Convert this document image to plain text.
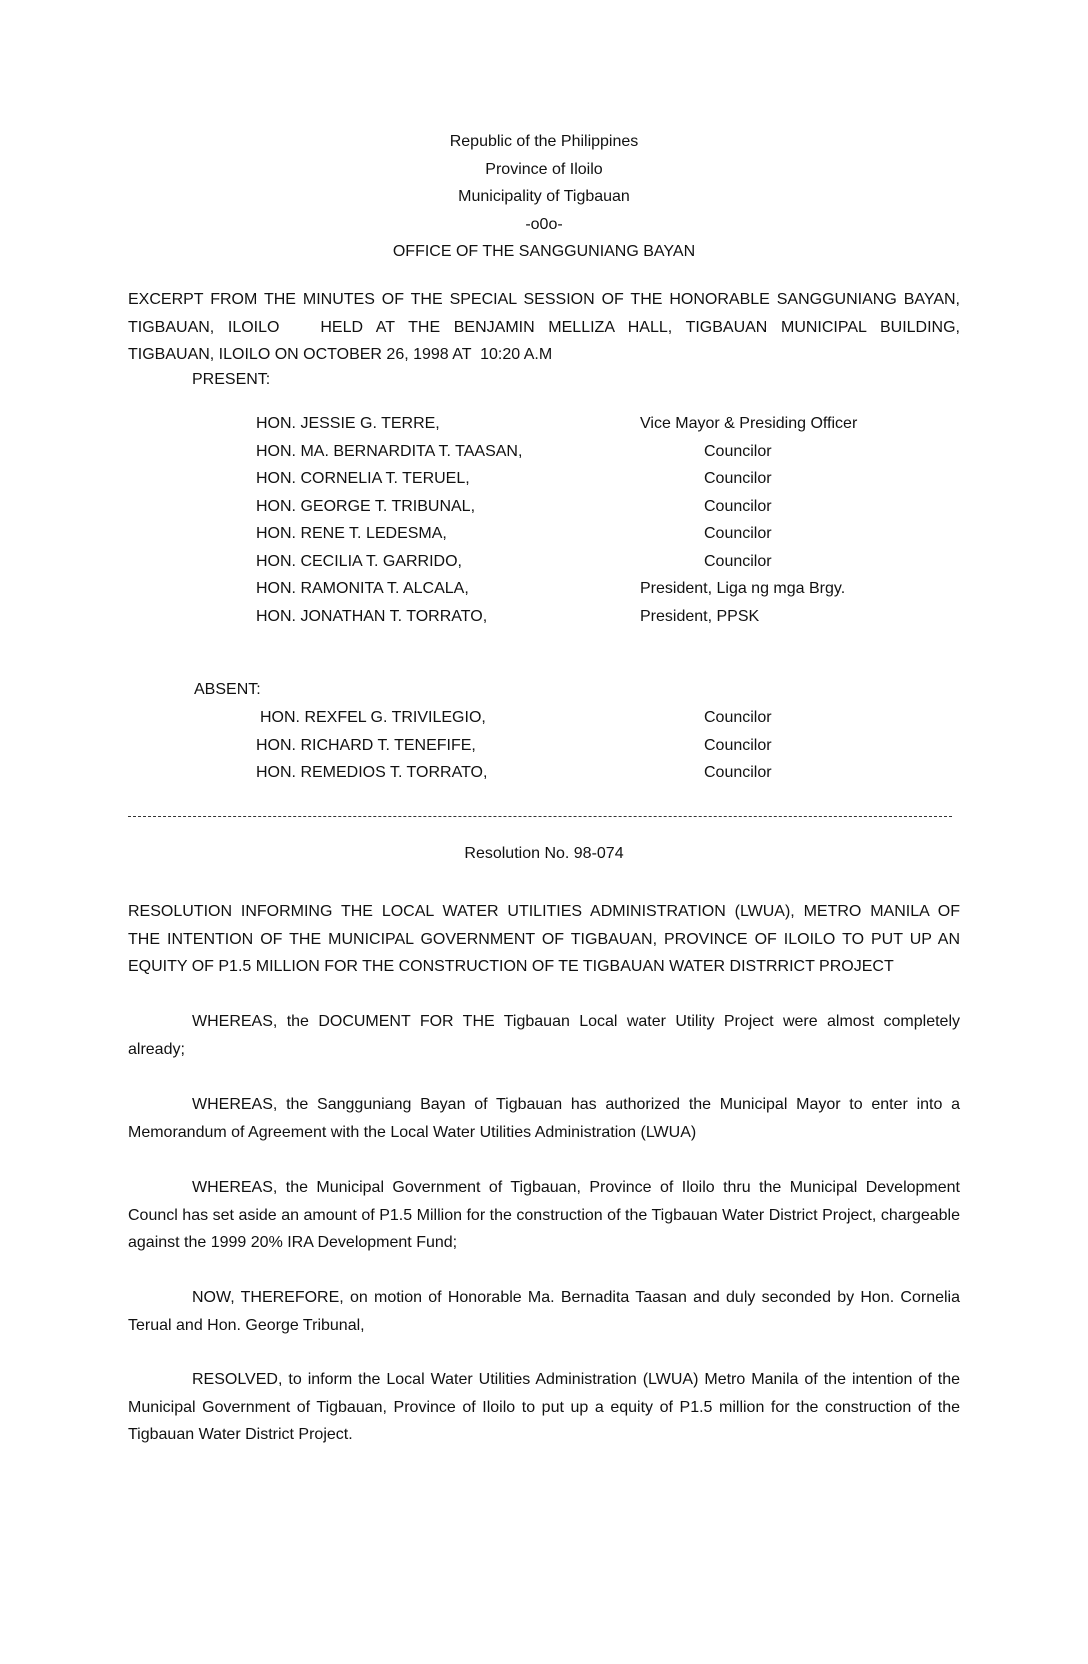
Republic of the Philippines
Province of Iloilo
Municipality of Tigbauan
-o0o-
OFFICE OF THE SANGGUNIANG BAYAN
EXCERPT FROM THE MINUTES OF THE SPECIAL SESSION OF THE HONORABLE SANGGUNIANG BAYAN,
TIGBAUAN, ILOILO   HELD AT THE BENJAMIN MELLIZA HALL, TIGBAUAN MUNICIPAL BUILDING,
TIGBAUAN, ILOILO ON OCTOBER 26, 1998 AT  10:20 A.M
PRESENT:
HON. JESSIE G. TERRE,	Vice Mayor & Presiding Officer
HON. MA. BERNARDITA T. TAASAN,	Councilor
HON. CORNELIA T. TERUEL,	Councilor
HON. GEORGE T. TRIBUNAL,	Councilor
HON. RENE T. LEDESMA,	Councilor
HON. CECILIA T. GARRIDO,	Councilor
HON. RAMONITA T. ALCALA,	President, Liga ng mga Brgy.
HON. JONATHAN T. TORRATO,	President, PPSK
ABSENT:
HON. REXFEL G. TRIVILEGIO,	Councilor
HON. RICHARD T. TENEFIFE,	Councilor
HON. REMEDIOS T. TORRATO,	Councilor
Resolution No. 98-074
RESOLUTION INFORMING THE LOCAL WATER UTILITIES ADMINISTRATION (LWUA), METRO MANILA OF
THE INTENTION OF THE MUNICIPAL GOVERNMENT OF TIGBAUAN, PROVINCE OF ILOILO TO PUT UP AN
EQUITY OF P1.5 MILLION FOR THE CONSTRUCTION OF TE TIGBAUAN WATER DISTRRICT PROJECT
WHEREAS, the DOCUMENT FOR THE Tigbauan Local water Utility Project were almost completely already;
WHEREAS, the Sangguniang Bayan of Tigbauan has authorized the Municipal Mayor to enter into a Memorandum of Agreement with the Local Water Utilities Administration (LWUA)
WHEREAS, the Municipal Government of Tigbauan, Province of Iloilo thru the Municipal Development Councl has set aside an amount of P1.5 Million for the construction of the Tigbauan Water District Project, chargeable against the 1999 20% IRA Development Fund;
NOW, THEREFORE, on motion of Honorable Ma. Bernadita Taasan and duly seconded by Hon. Cornelia Terual and Hon. George Tribunal,
RESOLVED, to inform the Local Water Utilities Administration (LWUA) Metro Manila of the intention of the Municipal Government of Tigbauan, Province of Iloilo to put up a equity of P1.5 million for the construction of the Tigbauan Water District Project.
